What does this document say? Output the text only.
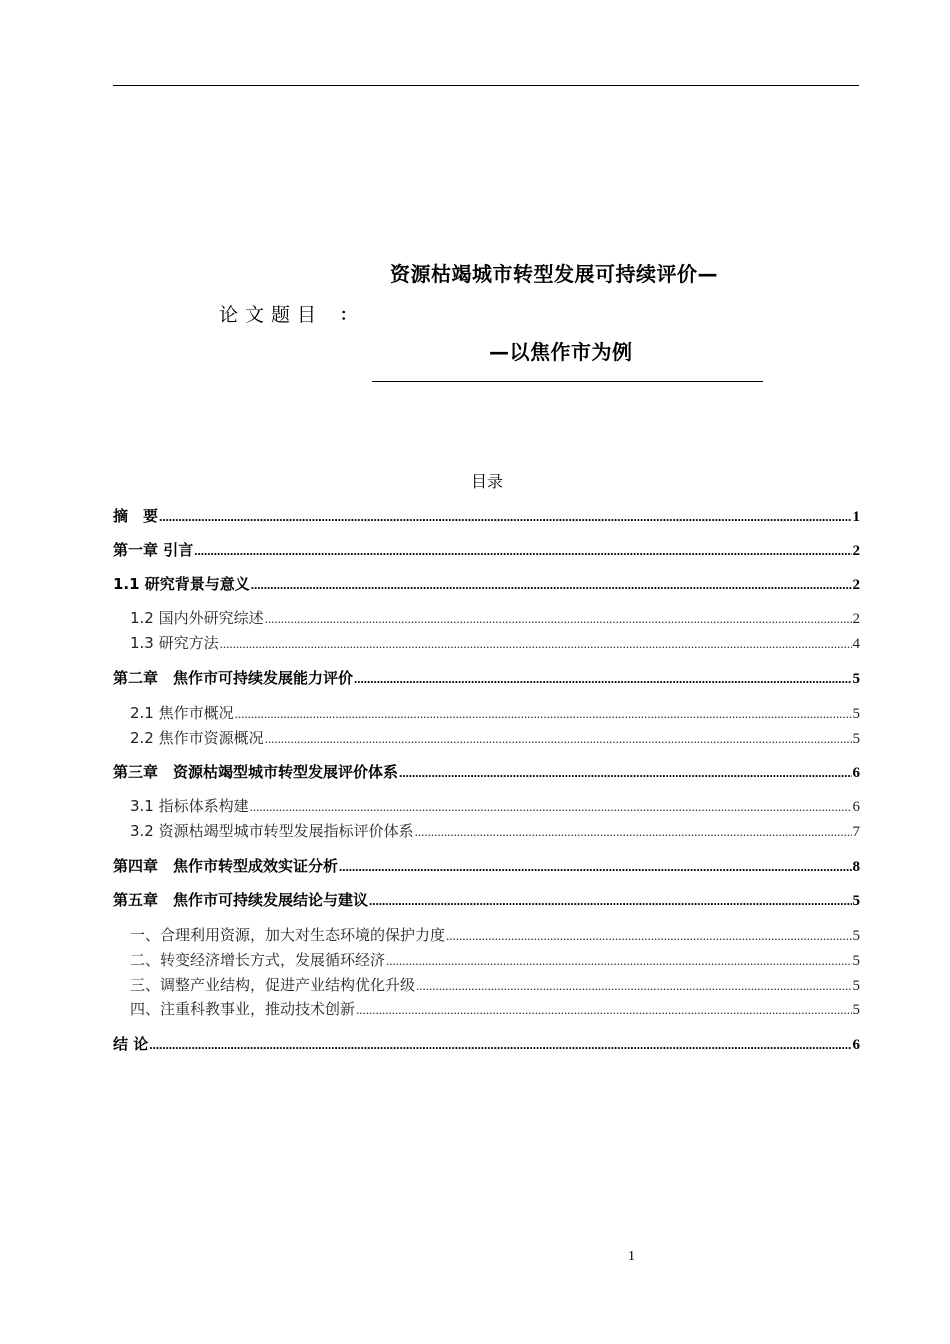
资源枯竭城市转型发展可持续评价—
论文题目 ：
—以焦作市为例
目录
摘　要 .....	1
第一章 引言 .....	2
1.1 研究背景与意义 .....	2
1.2 国内外研究综述 .....	2
1.3 研究方法 .....	4
第二章　焦作市可持续发展能力评价 .....	5
2.1 焦作市概况 .....	5
2.2 焦作市资源概况 .....	5
第三章　资源枯竭型城市转型发展评价体系 .....	6
3.1 指标体系构建 .....	6
3.2 资源枯竭型城市转型发展指标评价体系 .....	7
第四章　焦作市转型成效实证分析 .....	8
第五章　焦作市可持续发展结论与建议 .....	5
一、合理利用资源，加大对生态环境的保护力度 .....	5
二、转变经济增长方式，发展循环经济 .....	5
三、调整产业结构，促进产业结构优化升级 .....	5
四、注重科教事业，推动技术创新 .....	5
结 论 .....	6
1
